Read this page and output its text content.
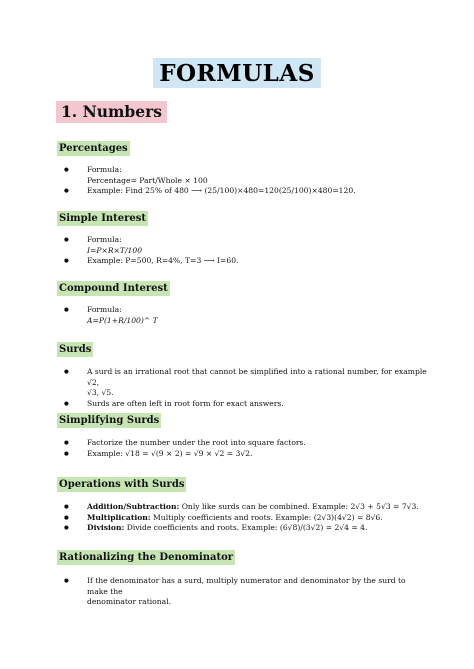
FORMULAS
1. Numbers
Percentages
● Formula:
Percentage= Part/Whole × 100
● Example: Find 25% of 480 ⟶ (25/100)×480=120(25/100)×480=120.
Simple Interest
● Formula:
I=P×R×T/100
● Example: P=500, R=4%, T=3 ⟶ I=60.
Compound Interest
● Formula:
A=P(1+R/100)^ T
Surds
● A surd is an irrational root that cannot be simplified into a rational number, for example √2,
√3, √5.
● Surds are often left in root form for exact answers.
Simplifying Surds
● Factorize the number under the root into square factors.
● Example: √18 = √(9 × 2) = √9 × √2 = 3√2.
Operations with Surds
● Addition/Subtraction: Only like surds can be combined. Example: 2√3 + 5√3 = 7√3.
● Multiplication: Multiply coefficients and roots. Example: (2√3)(4√2) = 8√6.
● Division: Divide coefficients and roots. Example: (6√8)/(3√2) = 2√4 = 4.
Rationalizing the Denominator
● If the denominator has a surd, multiply numerator and denominator by the surd to make the
denominator rational.
